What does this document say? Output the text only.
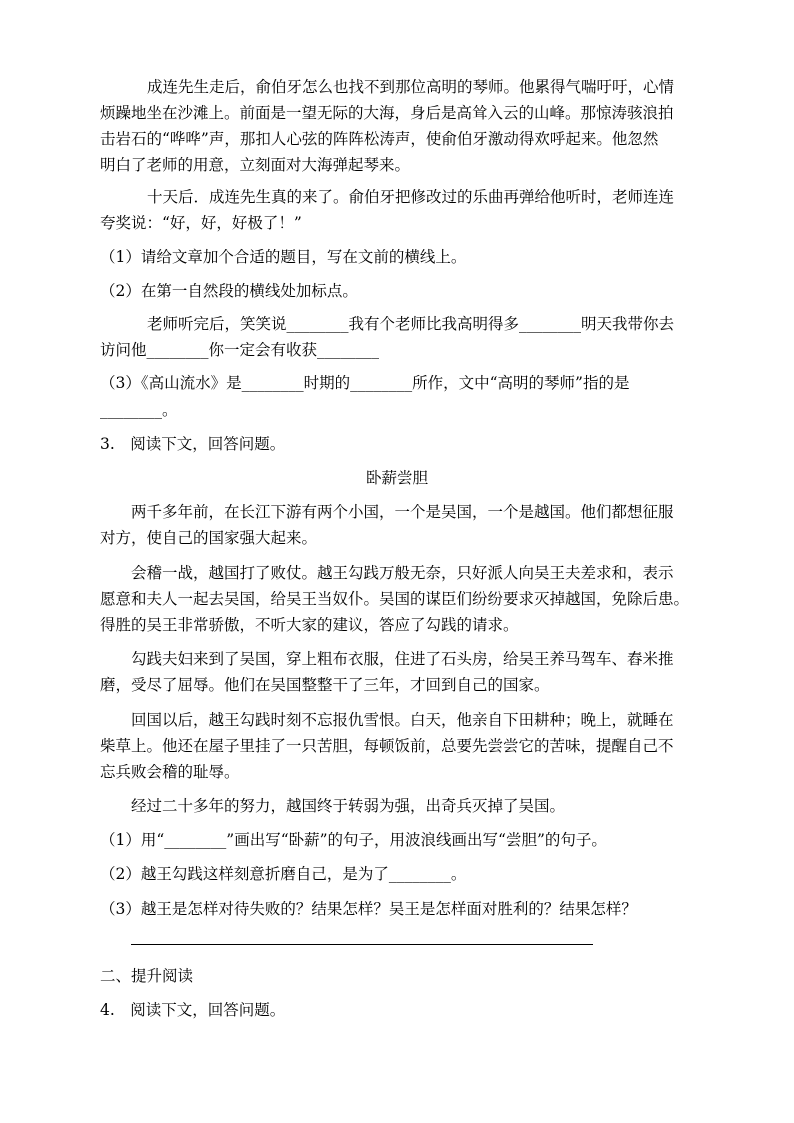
成连先生走后，俞伯牙怎么也找不到那位高明的琴师。他累得气喘吁吁，心情
烦躁地坐在沙滩上。前面是一望无际的大海，身后是高耸入云的山峰。那惊涛骇浪拍
击岩石的“哗哗”声，那扣人心弦的阵阵松涛声，使俞伯牙激动得欢呼起来。他忽然
明白了老师的用意，立刻面对大海弹起琴来。
十天后．成连先生真的来了。俞伯牙把修改过的乐曲再弹给他听时，老师连连
夸奖说：“好，好，好极了！”
（1）请给文章加个合适的题目，写在文前的横线上。
（2）在第一自然段的横线处加标点。
老师听完后，笑笑说________我有个老师比我高明得多________明天我带你去
访问他________你一定会有收获________
（3）《高山流水》是________时期的________所作，文中“高明的琴师”指的是
________。
3.　阅读下文，回答问题。
卧薪尝胆
两千多年前，在长江下游有两个小国，一个是吴国，一个是越国。他们都想征服
对方，使自己的国家强大起来。
会稽一战，越国打了败仗。越王勾践万般无奈，只好派人向吴王夫差求和，表示
愿意和夫人一起去吴国，给吴王当奴仆。吴国的谋臣们纷纷要求灭掉越国，免除后患。
得胜的吴王非常骄傲，不听大家的建议，答应了勾践的请求。
勾践夫妇来到了吴国，穿上粗布衣服，住进了石头房，给吴王养马驾车、舂米推
磨，受尽了屈辱。他们在吴国整整干了三年，才回到自己的国家。
回国以后，越王勾践时刻不忘报仇雪恨。白天，他亲自下田耕种；晚上，就睡在
柴草上。他还在屋子里挂了一只苦胆，每顿饭前，总要先尝尝它的苦味，提醒自己不
忘兵败会稽的耻辱。
经过二十多年的努力，越国终于转弱为强，出奇兵灭掉了吴国。
（1）用“________”画出写“卧薪”的句子，用波浪线画出写“尝胆”的句子。
（2）越王勾践这样刻意折磨自己，是为了________。
（3）越王是怎样对待失败的？结果怎样？吴王是怎样面对胜利的？结果怎样？
二、提升阅读
4.　阅读下文，回答问题。
